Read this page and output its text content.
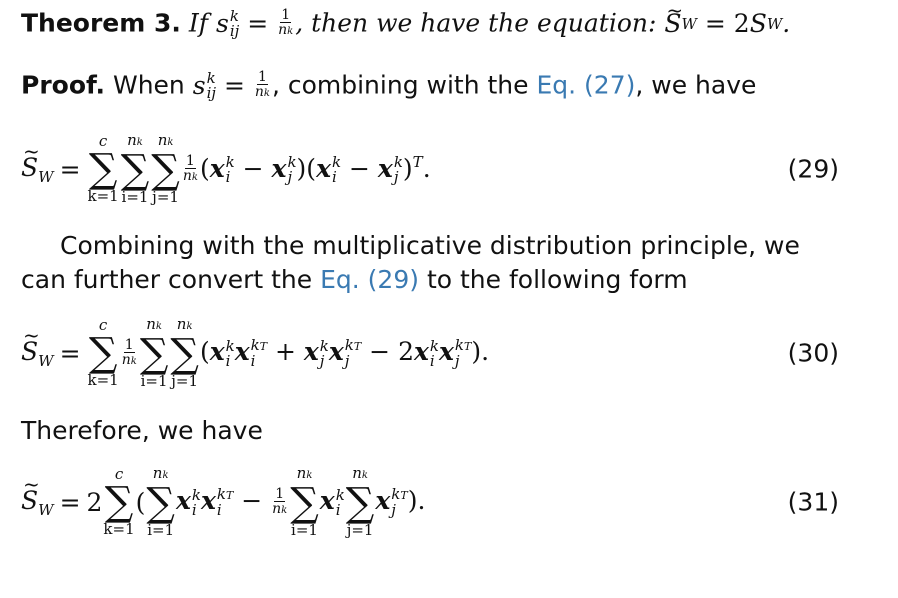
Theorem 3. If s k
ij = $\frac{1}{nk}$ , then we have the equation:
~ S W = 2 S W .
Proof. When s k
ij = $\frac{1}{nk}$ , combining with the Eq. (27), we have
~ $S_W$ =
c
∑
k=1
nk
∑
i=1
nk
∑
j=1
$\frac{1}{nk} (x$ k
i − x k
j )(x k
i − x k
j )$^T$.	(29)
Combining with the multiplicative distribution principle, we
can further convert the Eq. (29) to the following form
~ $S_W$ =
c
∑
k=1
$\frac{1}{nk}$
nk
∑
i=1
nk
∑
j=1
(x k
i x kT
i + x k
j x kT
j − 2x k
i x kT
j ).	(30)
Therefore, we have
~ $S_W = 2$
c
∑
k=1
(
nk
∑
i=1
x k
i x kT
$i - \frac{1}{nk}$
nk
∑
i=1
x k
i
nk
∑
j=1
x kT
j ).	(31)
